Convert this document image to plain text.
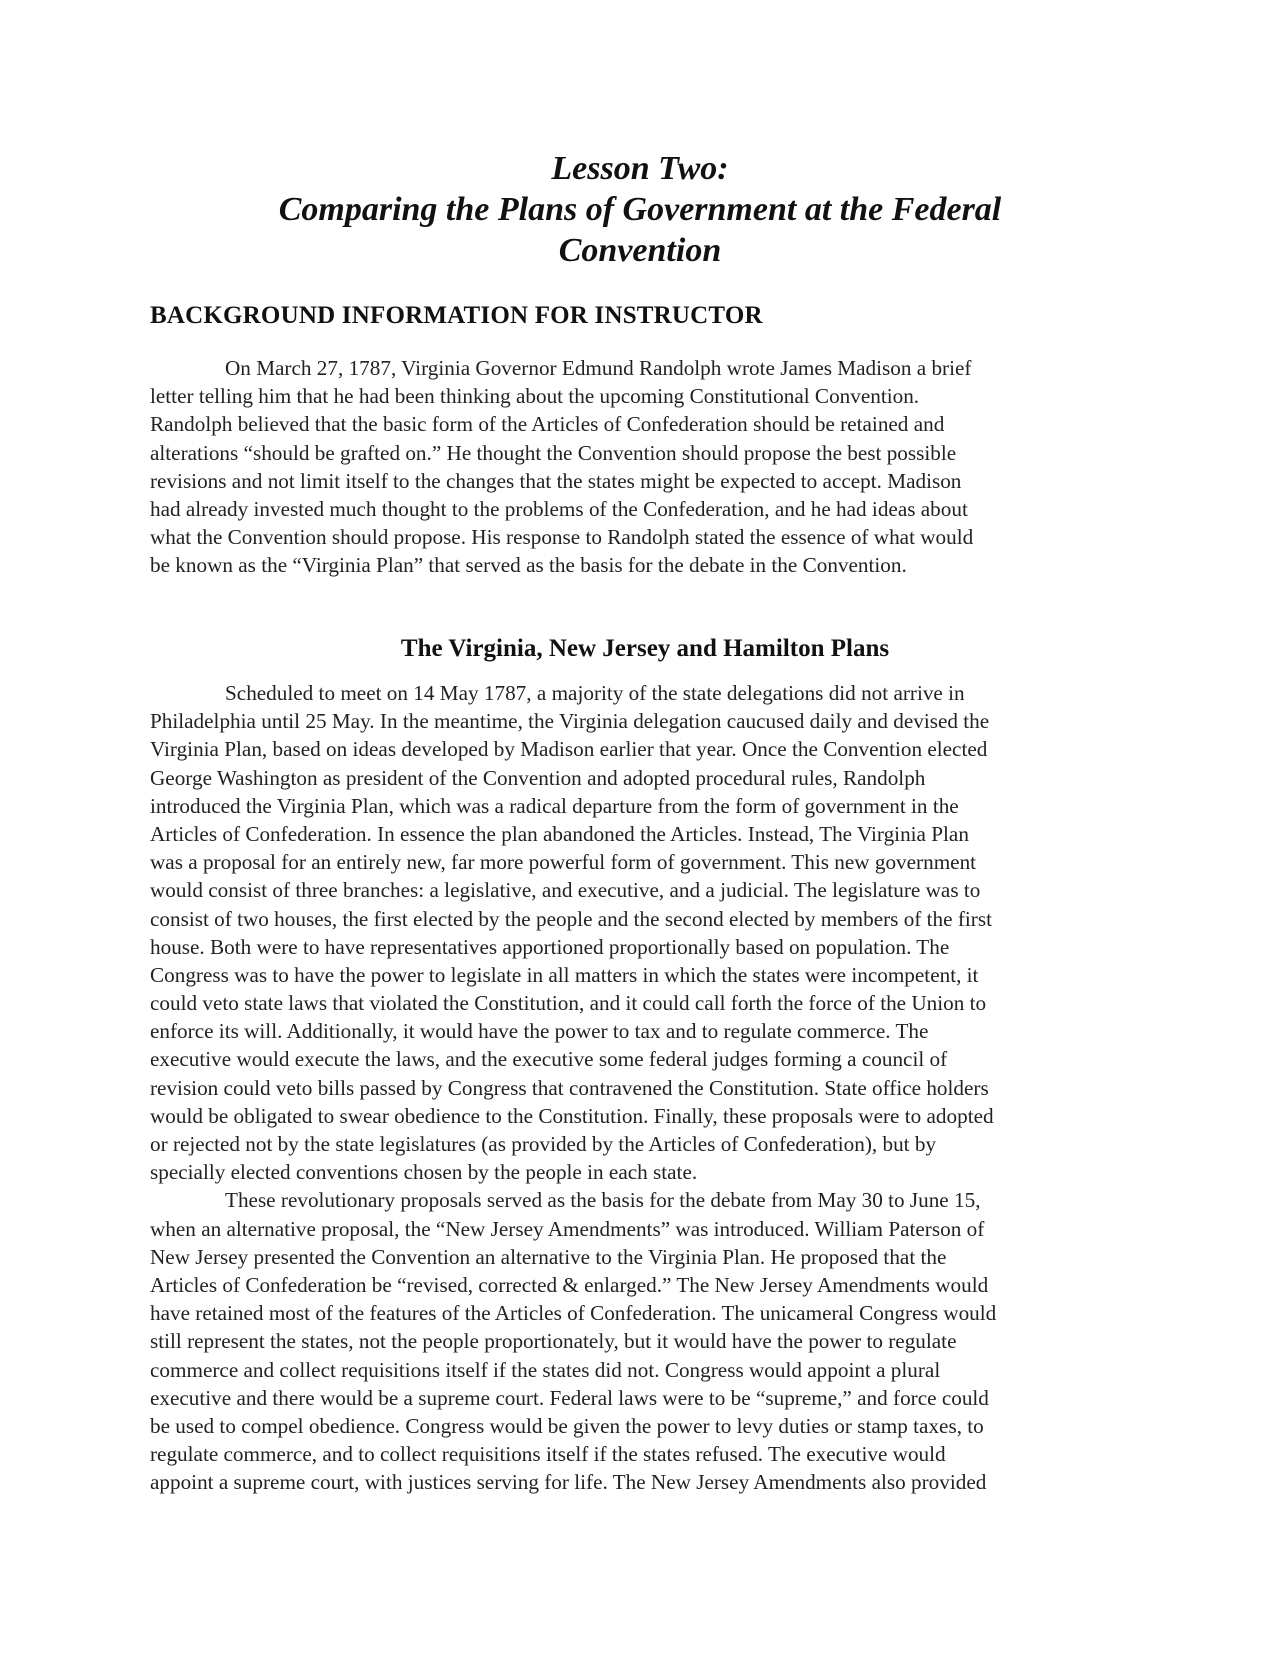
Lesson Two:
Comparing the Plans of Government at the Federal
Convention
BACKGROUND INFORMATION FOR INSTRUCTOR
On March 27, 1787, Virginia Governor Edmund Randolph wrote James Madison a brief
letter telling him that he had been thinking about the upcoming Constitutional Convention.
Randolph believed that the basic form of the Articles of Confederation should be retained and
alterations “should be grafted on.” He thought the Convention should propose the best possible
revisions and not limit itself to the changes that the states might be expected to accept. Madison
had already invested much thought to the problems of the Confederation, and he had ideas about
what the Convention should propose. His response to Randolph stated the essence of what would
be known as the “Virginia Plan” that served as the basis for the debate in the Convention.
The Virginia, New Jersey and Hamilton Plans
Scheduled to meet on 14 May 1787, a majority of the state delegations did not arrive in
Philadelphia until 25 May. In the meantime, the Virginia delegation caucused daily and devised the
Virginia Plan, based on ideas developed by Madison earlier that year. Once the Convention elected
George Washington as president of the Convention and adopted procedural rules, Randolph
introduced the Virginia Plan, which was a radical departure from the form of government in the
Articles of Confederation. In essence the plan abandoned the Articles. Instead, The Virginia Plan
was a proposal for an entirely new, far more powerful form of government. This new government
would consist of three branches: a legislative, and executive, and a judicial. The legislature was to
consist of two houses, the first elected by the people and the second elected by members of the first
house. Both were to have representatives apportioned proportionally based on population. The
Congress was to have the power to legislate in all matters in which the states were incompetent, it
could veto state laws that violated the Constitution, and it could call forth the force of the Union to
enforce its will. Additionally, it would have the power to tax and to regulate commerce. The
executive would execute the laws, and the executive some federal judges forming a council of
revision could veto bills passed by Congress that contravened the Constitution. State office holders
would be obligated to swear obedience to the Constitution. Finally, these proposals were to adopted
or rejected not by the state legislatures (as provided by the Articles of Confederation), but by
specially elected conventions chosen by the people in each state.
These revolutionary proposals served as the basis for the debate from May 30 to June 15,
when an alternative proposal, the “New Jersey Amendments” was introduced. William Paterson of
New Jersey presented the Convention an alternative to the Virginia Plan. He proposed that the
Articles of Confederation be “revised, corrected & enlarged.” The New Jersey Amendments would
have retained most of the features of the Articles of Confederation. The unicameral Congress would
still represent the states, not the people proportionately, but it would have the power to regulate
commerce and collect requisitions itself if the states did not. Congress would appoint a plural
executive and there would be a supreme court. Federal laws were to be “supreme,” and force could
be used to compel obedience. Congress would be given the power to levy duties or stamp taxes, to
regulate commerce, and to collect requisitions itself if the states refused. The executive would
appoint a supreme court, with justices serving for life. The New Jersey Amendments also provided
